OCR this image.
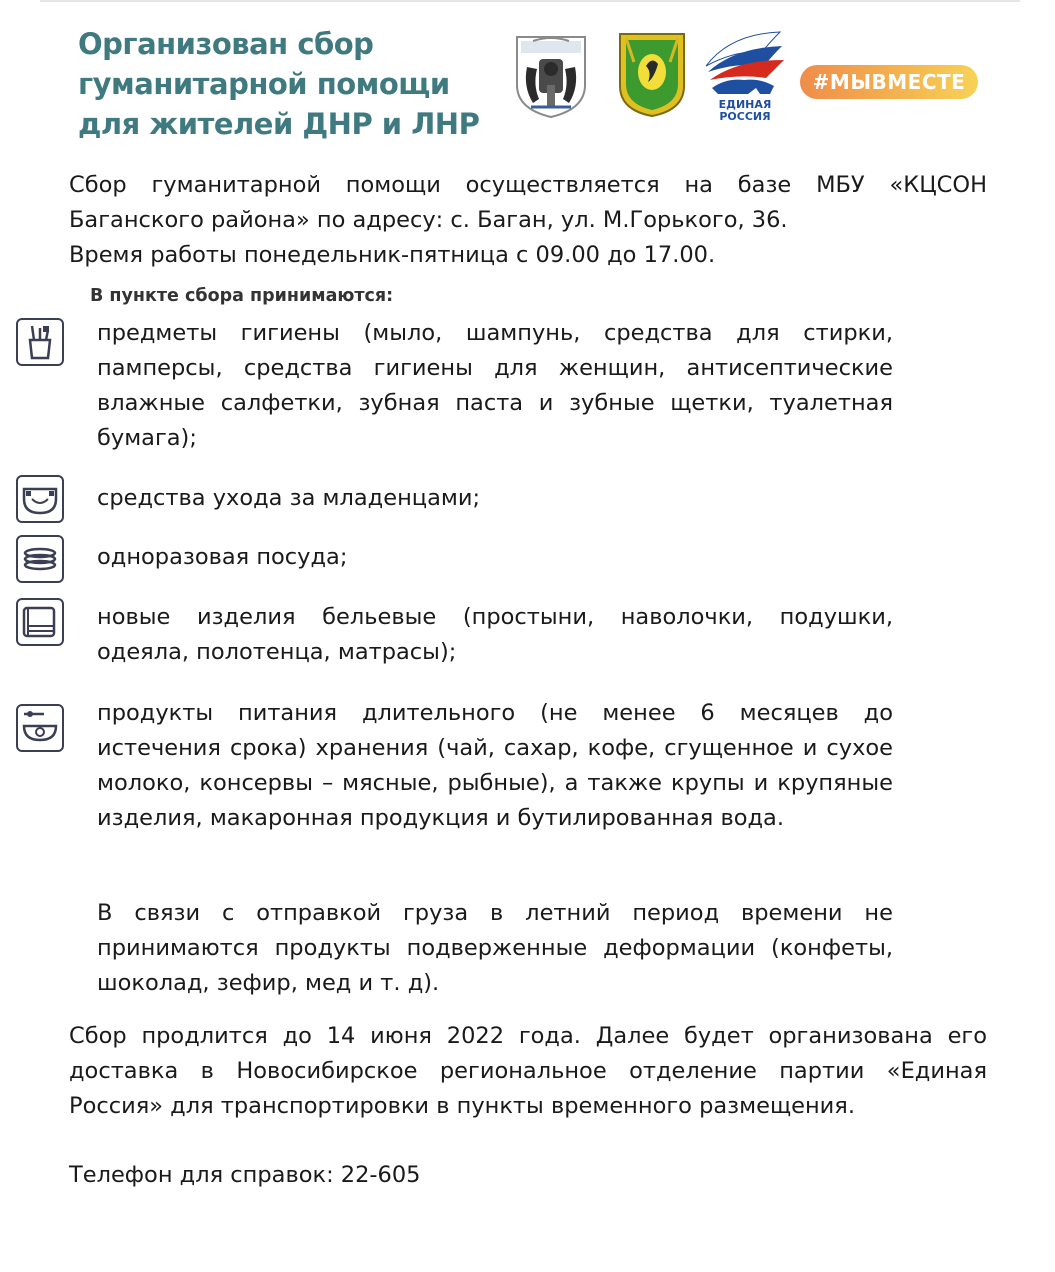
Организован сбор
гуманитарной помощи
для жителей ДНР и ЛНР
ЕДИНАЯ
РОССИЯ
#МЫВМЕСТЕ
Сбор гуманитарной помощи осуществляется на базе МБУ «КЦСОН Баганского района» по адресу: с. Баган, ул. М.Горького, 36.
Время работы понедельник-пятница с 09.00 до 17.00.
В пункте сбора принимаются:
предметы гигиены (мыло, шампунь, средства для стирки, памперсы, средства гигиены для женщин, антисептические влажные салфетки, зубная паста и зубные щетки, туалетная бумага);
средства ухода за младенцами;
одноразовая посуда;
новые изделия бельевые (простыни, наволочки, подушки, одеяла, полотенца, матрасы);
продукты питания длительного (не менее 6 месяцев до истечения срока) хранения (чай, сахар, кофе, сгущенное и сухое молоко, консервы – мясные, рыбные), а также крупы и крупяные изделия, макаронная продукция и бутилированная вода.
В связи с отправкой груза в летний период времени не принимаются продукты подверженные деформации (конфеты, шоколад, зефир, мед и т. д).
Сбор продлится до 14 июня 2022 года. Далее будет организована его доставка в Новосибирское региональное отделение партии «Единая Россия» для транспортировки в пункты временного размещения.
Телефон для справок: 22-605
